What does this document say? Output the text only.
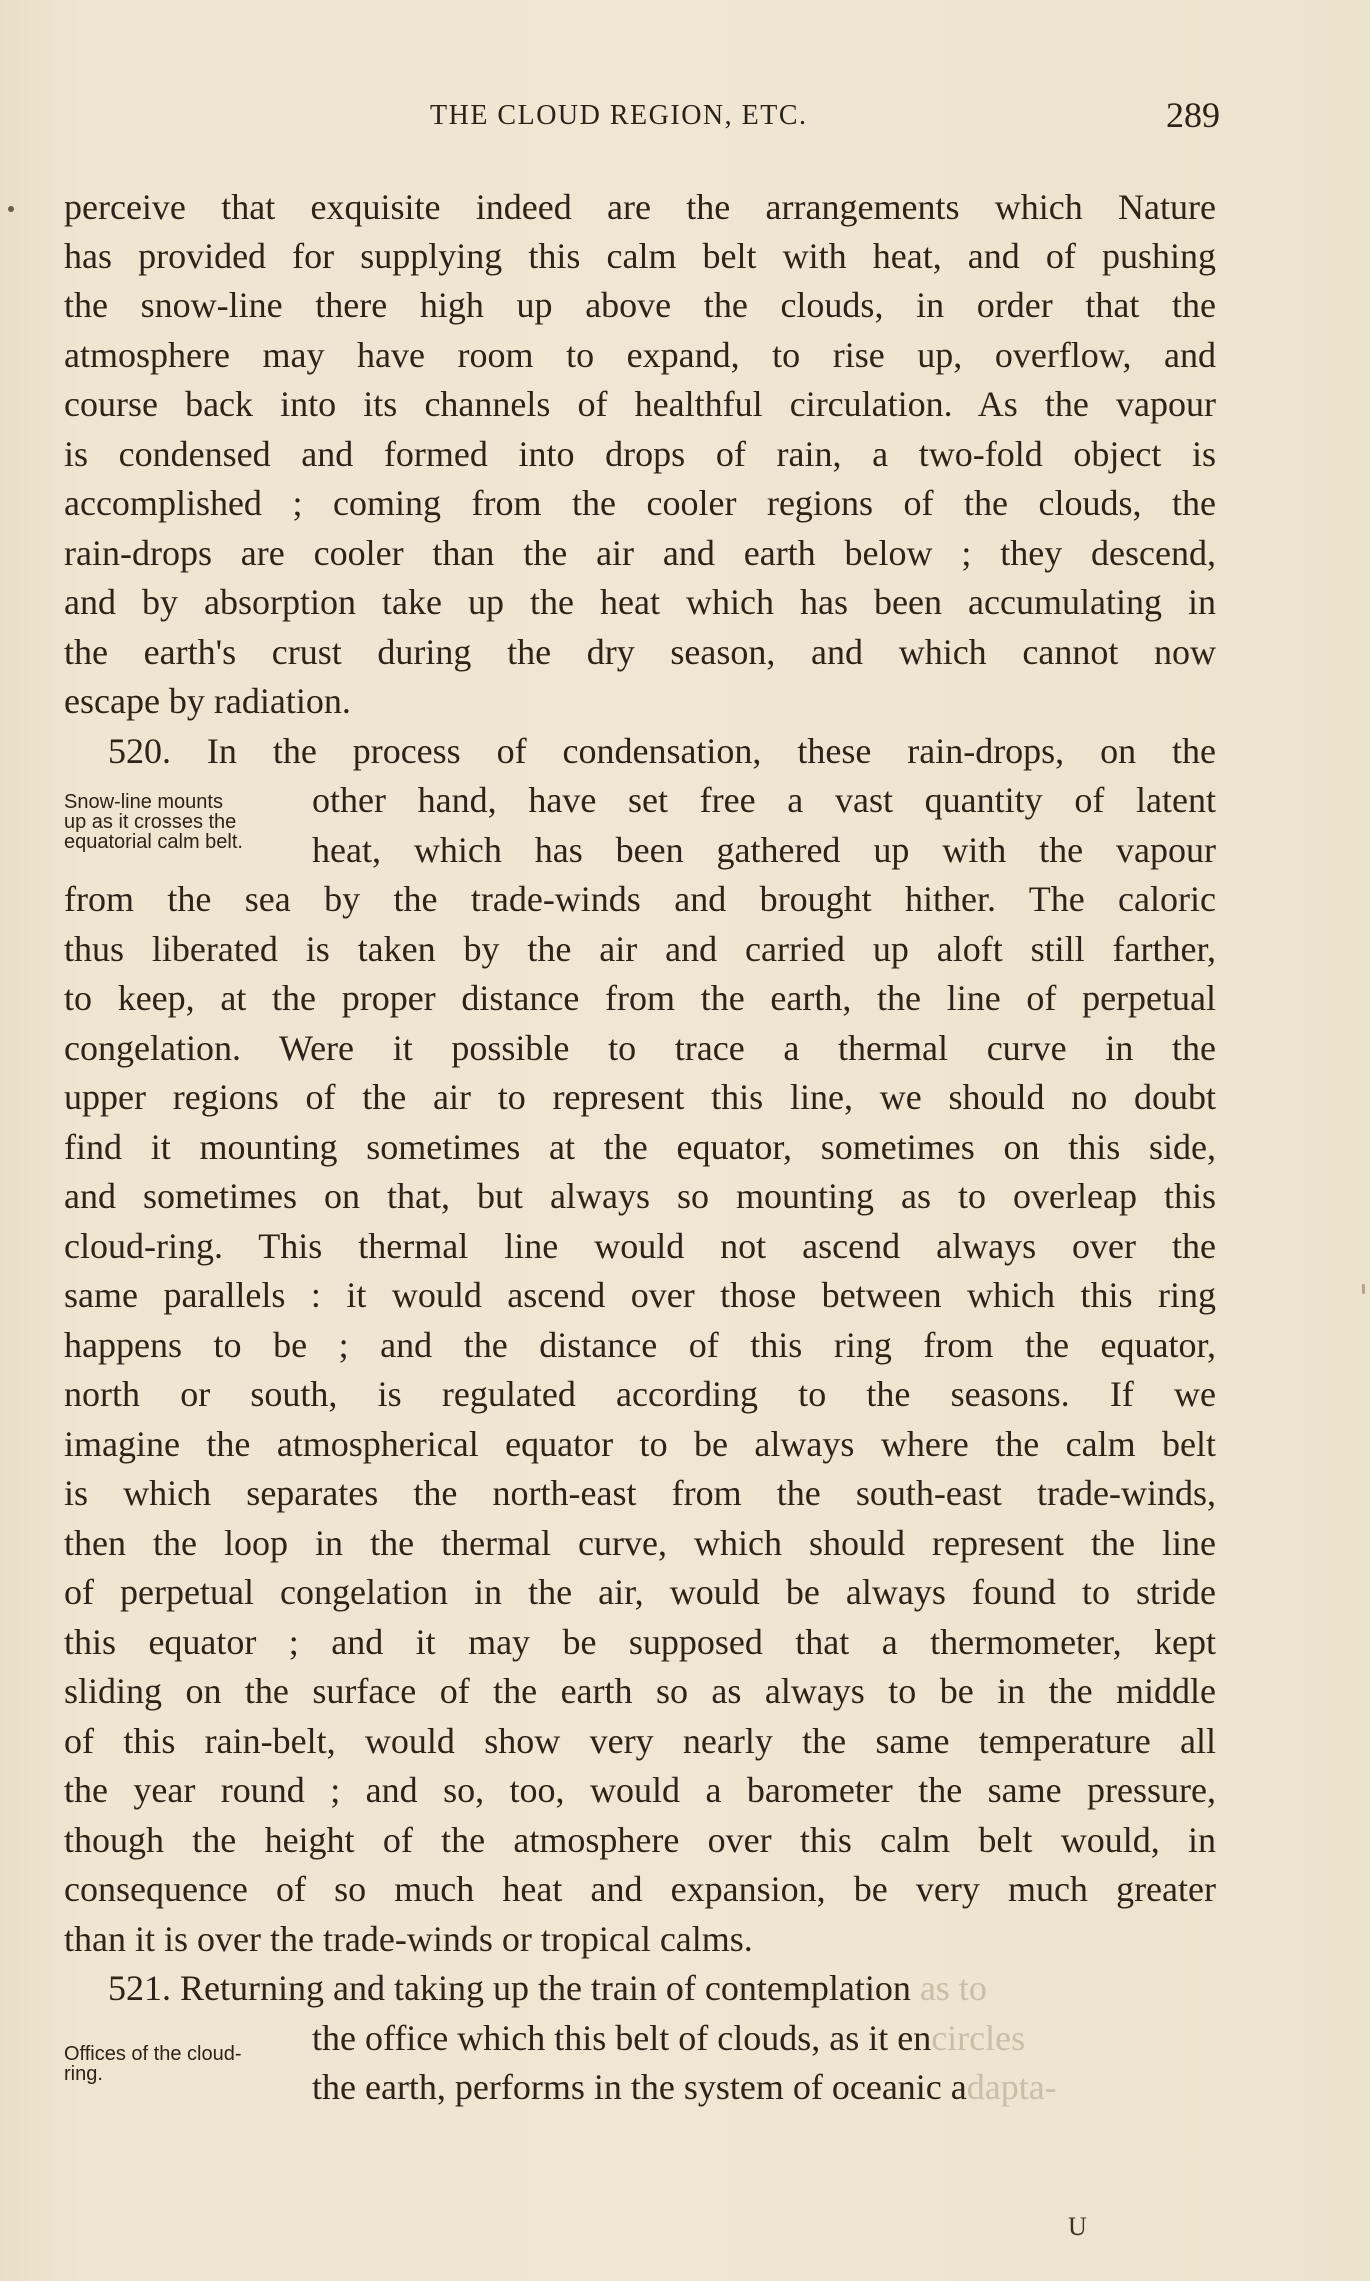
THE CLOUD REGION, ETC.	289
perceive that exquisite indeed are the arrangements which Nature
has provided for supplying this calm belt with heat, and of pushing
the snow-line there high up above the clouds, in order that the
atmosphere may have room to expand, to rise up, overflow, and
course back into its channels of healthful circulation. As the vapour
is condensed and formed into drops of rain, a two-fold object is
accomplished ; coming from the cooler regions of the clouds, the
rain-drops are cooler than the air and earth below ; they descend,
and by absorption take up the heat which has been accumulating in
the earth's crust during the dry season, and which cannot now
escape by radiation.
520. In the process of condensation, these rain-drops, on the
Snow-line mounts
up as it crosses the
equatorial calm belt.
other hand, have set free a vast quantity of latent
heat, which has been gathered up with the vapour
from the sea by the trade-winds and brought hither. The caloric
thus liberated is taken by the air and carried up aloft still farther,
to keep, at the proper distance from the earth, the line of perpetual
congelation. Were it possible to trace a thermal curve in the
upper regions of the air to represent this line, we should no doubt
find it mounting sometimes at the equator, sometimes on this side,
and sometimes on that, but always so mounting as to overleap this
cloud-ring. This thermal line would not ascend always over the
same parallels : it would ascend over those between which this ring
happens to be ; and the distance of this ring from the equator,
north or south, is regulated according to the seasons. If we
imagine the atmospherical equator to be always where the calm belt
is which separates the north-east from the south-east trade-winds,
then the loop in the thermal curve, which should represent the line
of perpetual congelation in the air, would be always found to stride
this equator ; and it may be supposed that a thermometer, kept
sliding on the surface of the earth so as always to be in the middle
of this rain-belt, would show very nearly the same temperature all
the year round ; and so, too, would a barometer the same pressure,
though the height of the atmosphere over this calm belt would, in
consequence of so much heat and expansion, be very much greater
than it is over the trade-winds or tropical calms.
521. Returning and taking up the train of contemplation as to
Offices of the cloud-
ring.
the office which this belt of clouds, as it encircles
the earth, performs in the system of oceanic adapta-
U
